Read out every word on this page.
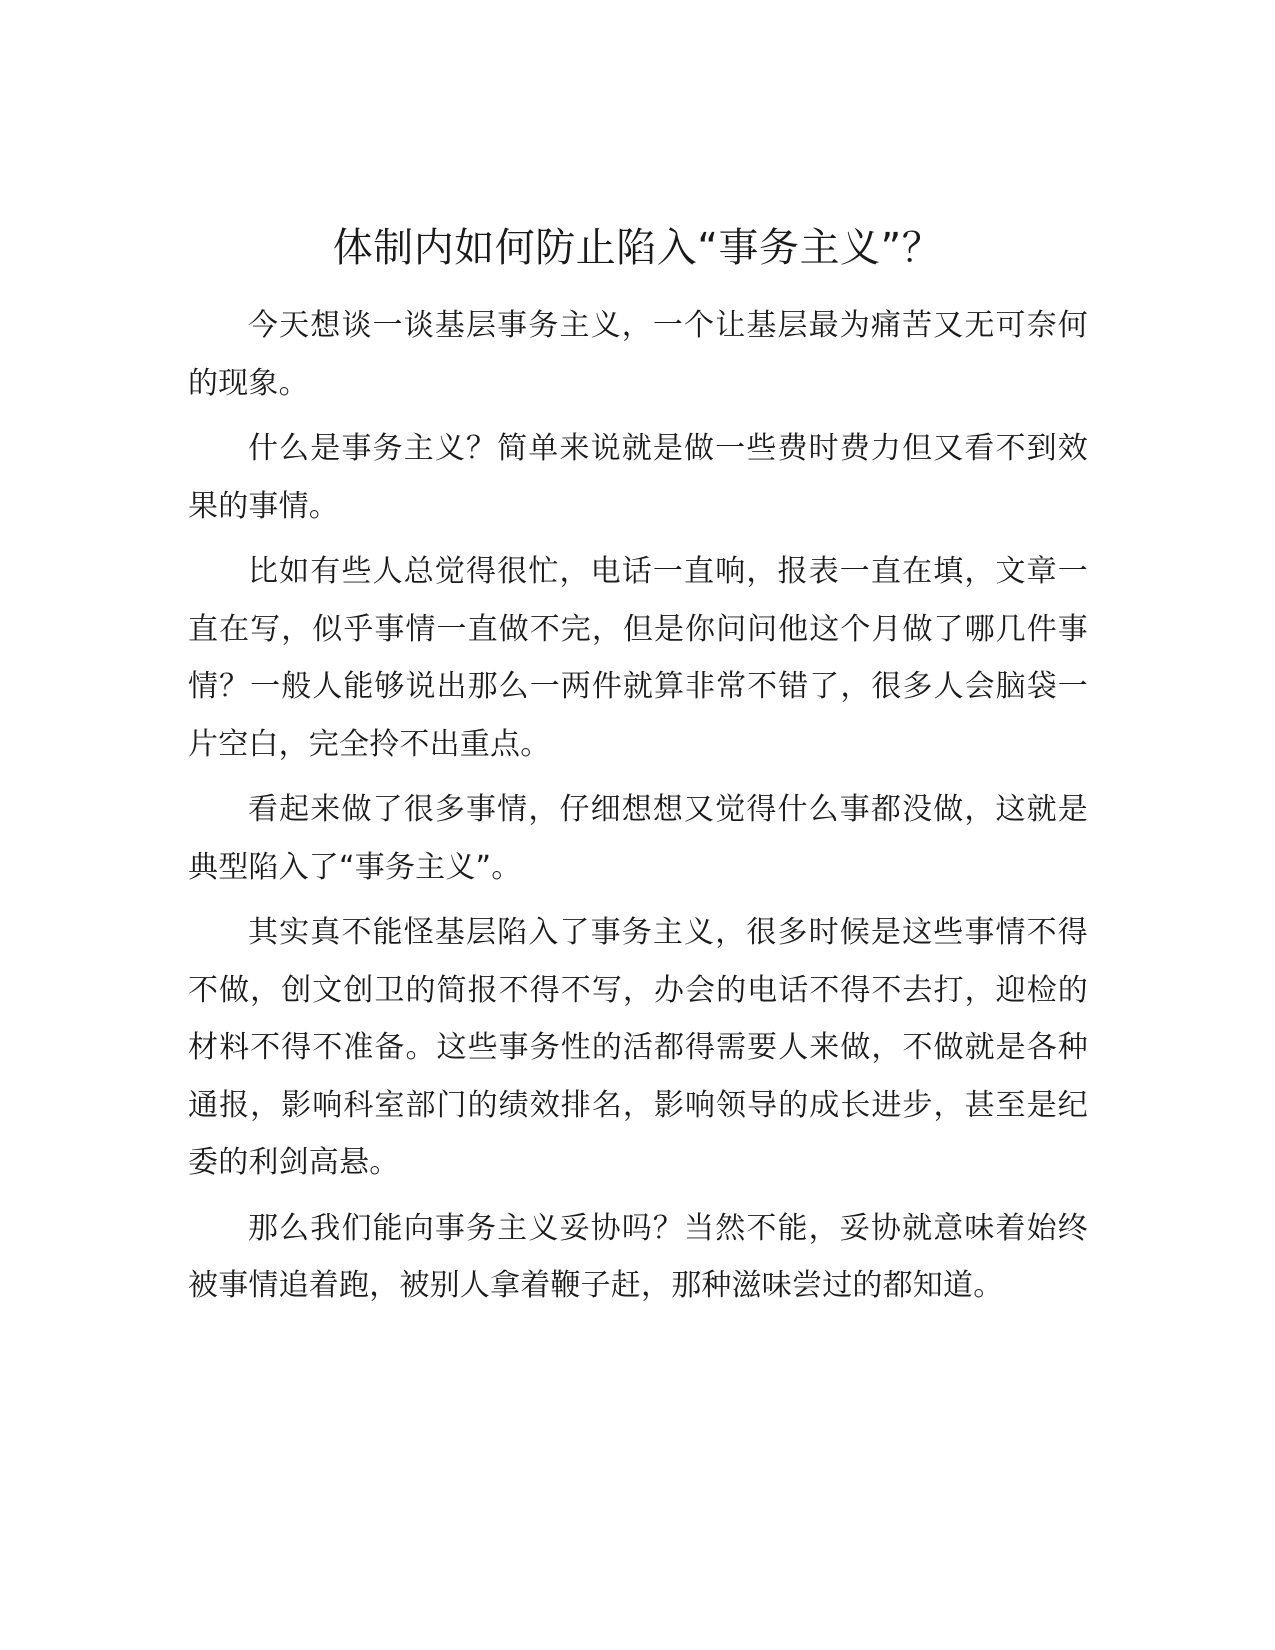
体制内如何防止陷入“事务主义”？

今天想谈一谈基层事务主义，一个让基层最为痛苦又无可奈何的现象。

什么是事务主义？简单来说就是做一些费时费力但又看不到效果的事情。

比如有些人总觉得很忙，电话一直响，报表一直在填，文章一直在写，似乎事情一直做不完，但是你问问他这个月做了哪几件事情？一般人能够说出那么一两件就算非常不错了，很多人会脑袋一片空白，完全拎不出重点。

看起来做了很多事情，仔细想想又觉得什么事都没做，这就是典型陷入了“事务主义”。

其实真不能怪基层陷入了事务主义，很多时候是这些事情不得不做，创文创卫的简报不得不写，办会的电话不得不去打，迎检的材料不得不准备。这些事务性的活都得需要人来做，不做就是各种通报，影响科室部门的绩效排名，影响领导的成长进步，甚至是纪委的利剑高悬。

那么我们能向事务主义妥协吗？当然不能，妥协就意味着始终被事情追着跑，被别人拿着鞭子赶，那种滋味尝过的都知道。
